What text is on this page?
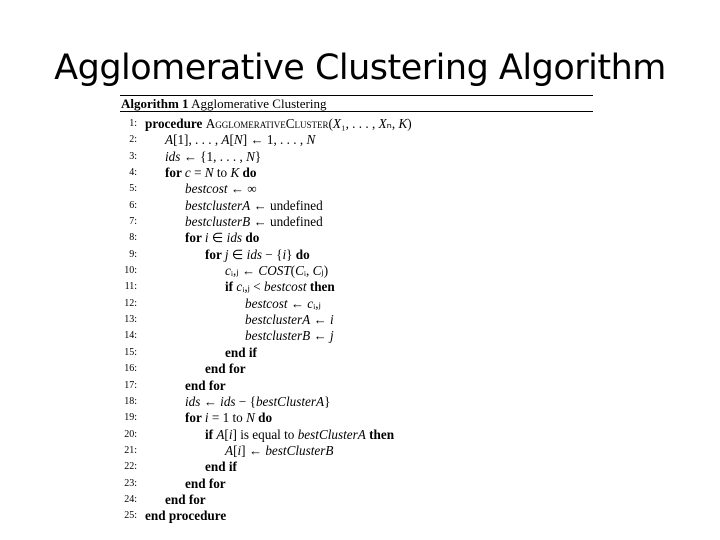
Agglomerative Clustering Algorithm
Algorithm 1 Agglomerative Clustering
1: procedure AgglomerativeCluster(X₁, . . . , Xₙ, K)
2: A[1], . . . , A[N] ← 1, . . . , N
3: ids ← {1, . . . , N}
4: for c = N to K do
5:	bestcost ← ∞
6:	bestclusterA ← undefined
7:	bestclusterB ← undefined
8:	for i ∈ ids do
9:	for j ∈ ids − {i} do
10:	cᵢ,ⱼ ← COST(Cᵢ, Cⱼ)
11:	if cᵢ,ⱼ < bestcost then
12:	bestcost ← cᵢ,ⱼ
13:	bestclusterA ← i
14:	bestclusterB ← j
15:	end if
16:	end for
17:	end for
18:	ids ← ids − {bestClusterA}
19:	for i = 1 to N do
20:	if A[i] is equal to bestClusterA then
21:	A[i] ← bestClusterB
22:	end if
23:	end for
24: end for
25: end procedure
